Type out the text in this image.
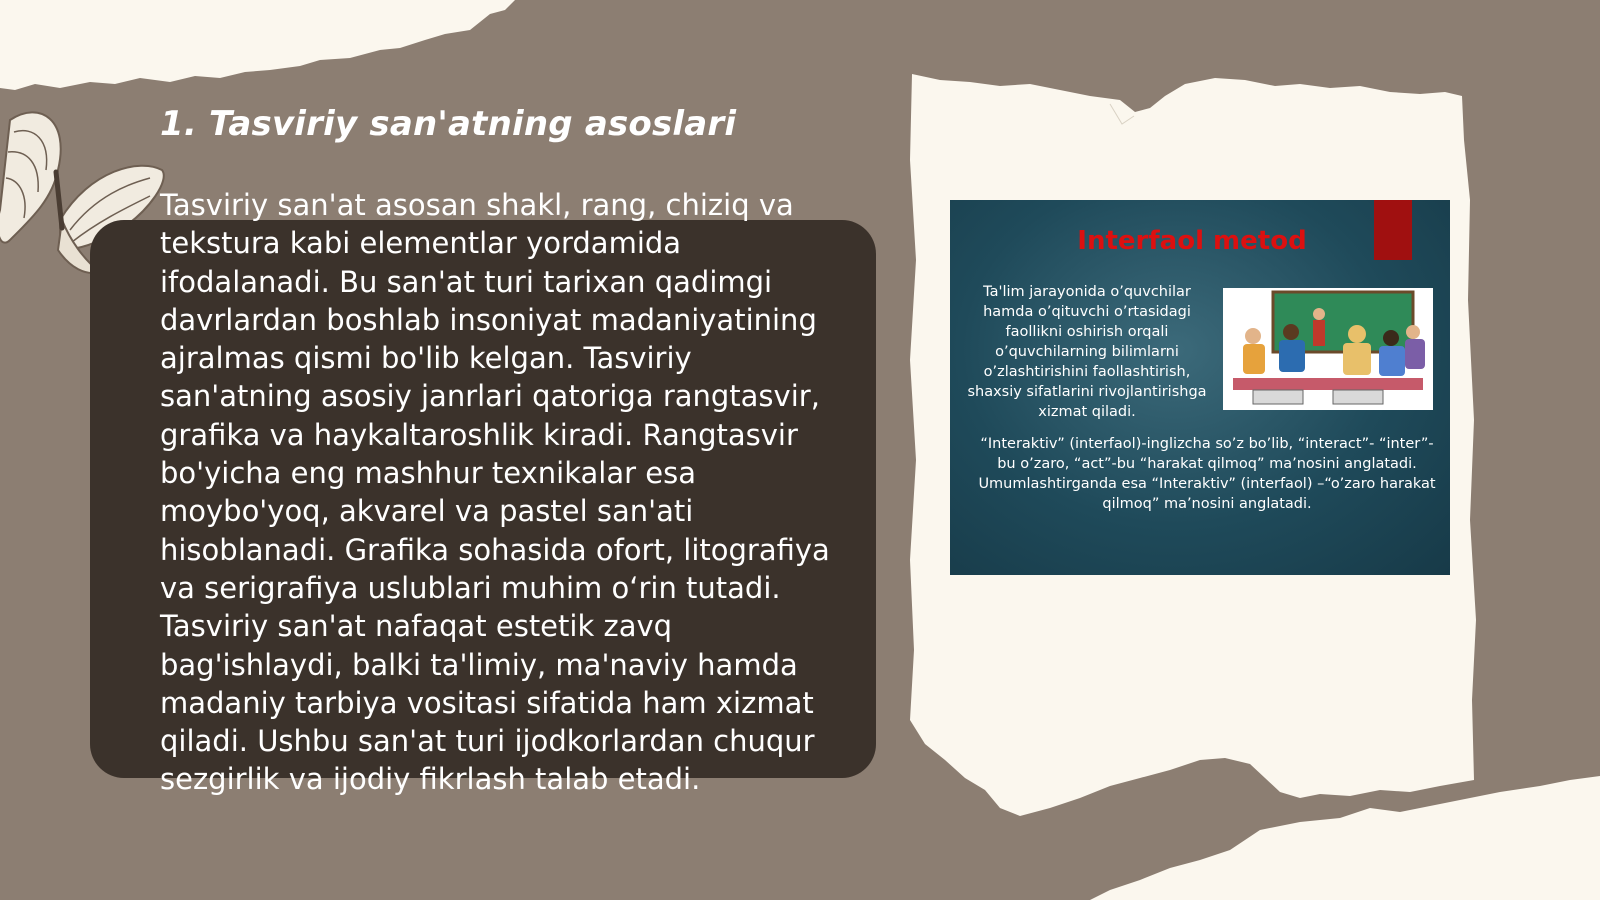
1. Tasviriy san'atning asoslari

Tasviriy san'at asosan shakl, rang, chiziq va tekstura kabi elementlar yordamida ifodalanadi. Bu san'at turi tarixan qadimgi davrlardan boshlab insoniyat madaniyatining ajralmas qismi bo'lib kelgan. Tasviriy san'atning asosiy janrlari qatoriga rangtasvir, grafika va haykaltaroshlik kiradi. Rangtasvir bo'yicha eng mashhur texnikalar esa moybo'yoq, akvarel va pastel san'ati hisoblanadi. Grafika sohasida ofort, litografiya va serigrafiya uslublari muhim o‘rin tutadi. Tasviriy san'at nafaqat estetik zavq bag'ishlaydi, balki ta'limiy, ma'naviy hamda madaniy tarbiya vositasi sifatida ham xizmat qiladi. Ushbu san'at turi ijodkorlardan chuqur sezgirlik va ijodiy fikrlash talab etadi.

Interfaol metod
Ta'lim jarayonida o’quvchilar hamda o’qituvchi o’rtasidagi faollikni oshirish orqali o’quvchilarning bilimlarni o’zlashtirishini faollashtirish, shaxsiy sifatlarini rivojlantirishga xizmat qiladi.
“Interaktiv” (interfaol)-inglizcha so’z bo’lib, “interact”- “inter”-bu o’zaro, “act”-bu “harakat qilmoq” ma’nosini anglatadi. Umumlashtirganda esa “Interaktiv” (interfaol) –“o’zaro harakat qilmoq” ma’nosini anglatadi.
